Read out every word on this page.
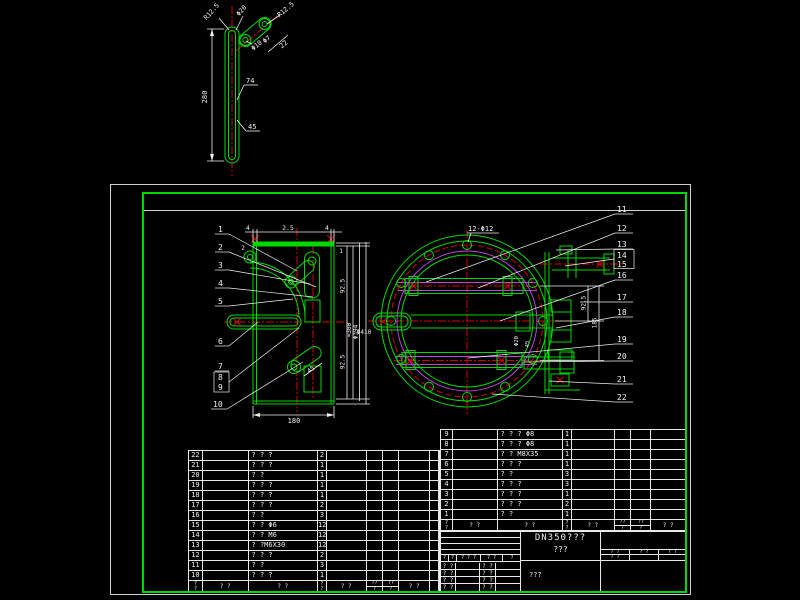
22	? ? ?	2
21	? ? ?	1
20	? ?	1
19	? ? ?	1
18	? ? ?	1
17	? ? ?	2
16	? ?	3
15	? ? Φ6	12
14	? ? M6	12
13	? ?M6X30	12
12	? ? ?	2
11	? ?	3
10	? ? ?	1
?
?	? ?	? ?	?
?	? ?	??
?
??
?	? ?
9	? ? ? Φ8	1
8	? ? ? Φ8	1
7	? ? M8X35	1
6	? ? ?	1
5	? ?	3
4	? ? ?	3
3	? ? ?	1
2	? ? ?	2
1	? ?	1
?
?	? ?	? ?	?
?	? ?	??
?
??
?	? ?
? ?	? ? ?	? ?	?
? ?	? ?
? ?	? ?
? ?	? ?
? ?	? ?
DN350???
???
???
? ?	? ?	? ?
? ?
280
R12.5 Φ20	R12.5
Φ10
Φ7 22
74
45
4	2.5	4
2	1
92.5
92.5
≈300 Φ394
Φ410
180
45
1
2
3
4
5
6
7
8
9
10
12-Φ12
92.5
185
Φ20 45
11
12
13
14
15
16
17
18
19
20
21
22
